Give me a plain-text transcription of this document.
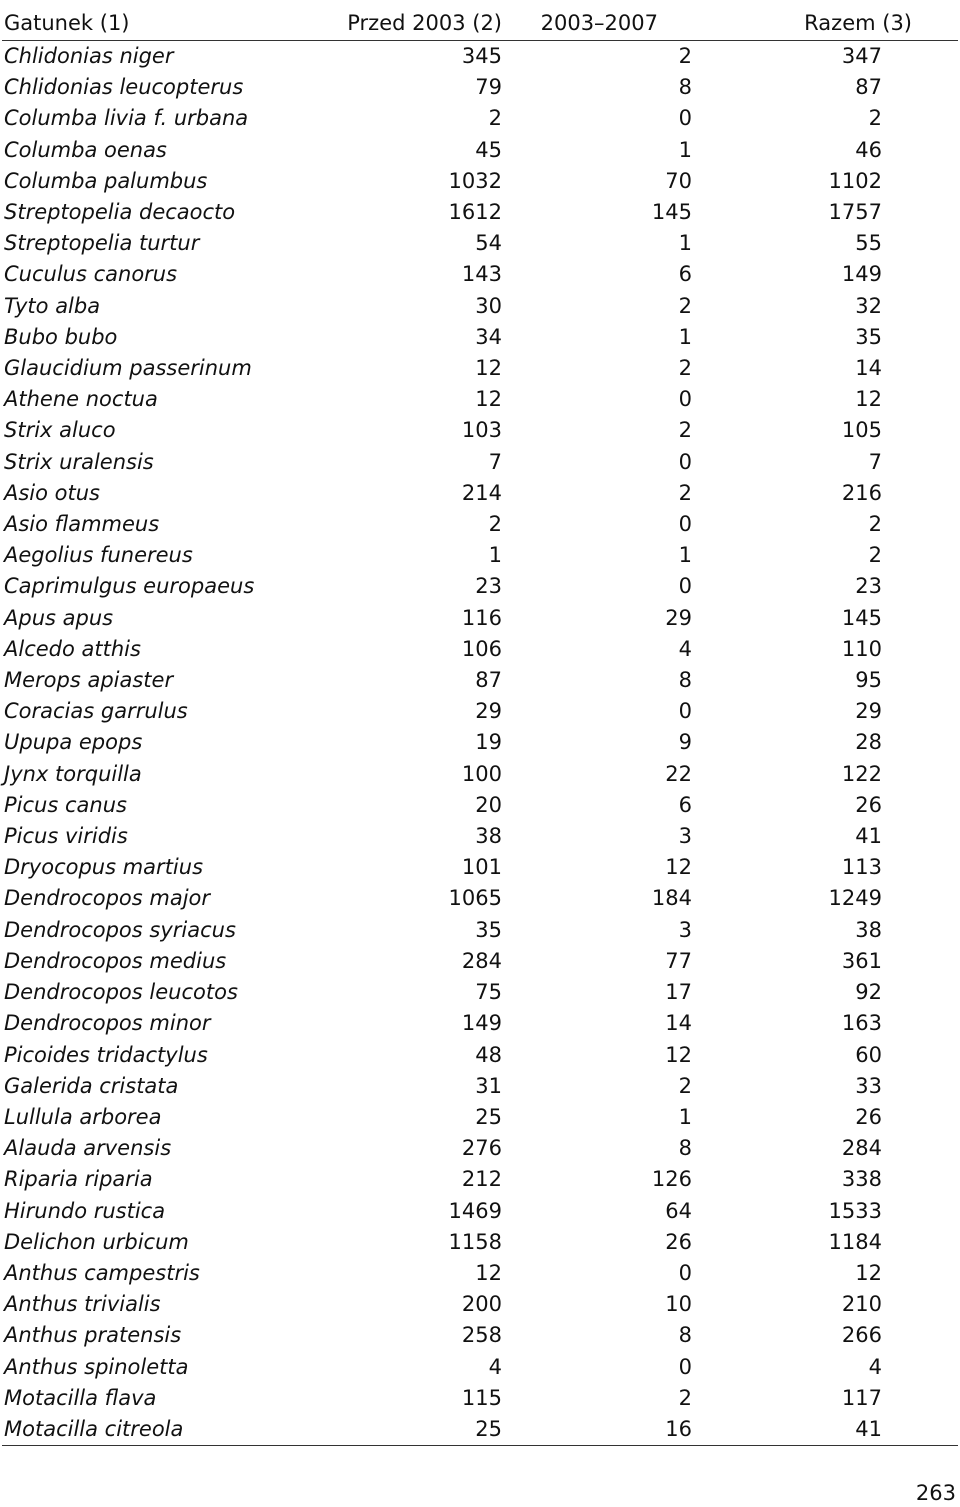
Gatunek (1)	Przed 2003 (2)	2003–2007	Razem (3)
Chlidonias niger	345	2	347
Chlidonias leucopterus	79	8	87
Columba livia f. urbana	2	0	2
Columba oenas	45	1	46
Columba palumbus	1032	70	1102
Streptopelia decaocto	1612	145	1757
Streptopelia turtur	54	1	55
Cuculus canorus	143	6	149
Tyto alba	30	2	32
Bubo bubo	34	1	35
Glaucidium passerinum	12	2	14
Athene noctua	12	0	12
Strix aluco	103	2	105
Strix uralensis	7	0	7
Asio otus	214	2	216
Asio flammeus	2	0	2
Aegolius funereus	1	1	2
Caprimulgus europaeus	23	0	23
Apus apus	116	29	145
Alcedo atthis	106	4	110
Merops apiaster	87	8	95
Coracias garrulus	29	0	29
Upupa epops	19	9	28
Jynx torquilla	100	22	122
Picus canus	20	6	26
Picus viridis	38	3	41
Dryocopus martius	101	12	113
Dendrocopos major	1065	184	1249
Dendrocopos syriacus	35	3	38
Dendrocopos medius	284	77	361
Dendrocopos leucotos	75	17	92
Dendrocopos minor	149	14	163
Picoides tridactylus	48	12	60
Galerida cristata	31	2	33
Lullula arborea	25	1	26
Alauda arvensis	276	8	284
Riparia riparia	212	126	338
Hirundo rustica	1469	64	1533
Delichon urbicum	1158	26	1184
Anthus campestris	12	0	12
Anthus trivialis	200	10	210
Anthus pratensis	258	8	266
Anthus spinoletta	4	0	4
Motacilla flava	115	2	117
Motacilla citreola	25	16	41
263
